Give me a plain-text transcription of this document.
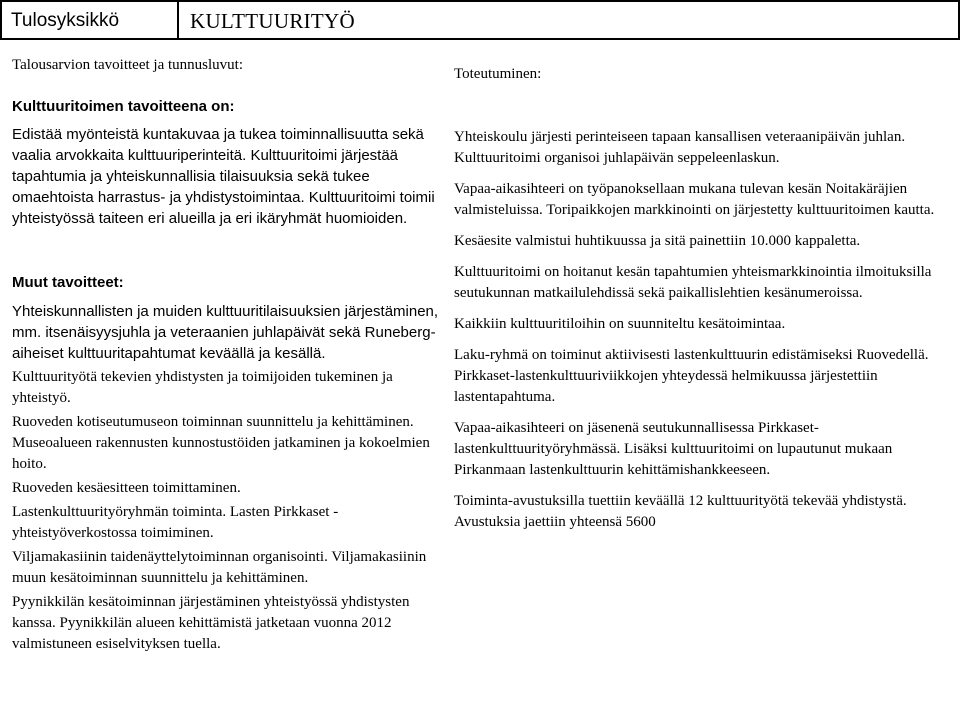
Tulosyksikkö	KULTTUURITYÖ
Talousarvion tavoitteet ja tunnusluvut:
Kulttuuritoimen tavoitteena on:
Edistää myönteistä kuntakuvaa ja tukea toiminnallisuutta sekä vaalia arvokkaita kulttuuriperinteitä. Kulttuuritoimi järjestää tapahtumia ja yhteiskunnallisia tilaisuuksia sekä tukee omaehtoista harrastus- ja yhdistystoimintaa. Kulttuuritoimi toimii yhteistyössä taiteen eri alueilla ja eri ikäryhmät huomioiden.
Muut tavoitteet:
Yhteiskunnallisten ja muiden kulttuuritilaisuuksien järjestäminen, mm. itsenäisyysjuhla ja veteraanien juhlapäivät sekä Runeberg-aiheiset kulttuuritapahtumat keväällä ja kesällä.
Kulttuurityötä tekevien yhdistysten ja toimijoiden tukeminen ja yhteistyö.
Ruoveden kotiseutumuseon toiminnan suunnittelu ja kehittäminen. Museoalueen rakennusten kunnostustöiden jatkaminen ja kokoelmien hoito.
Ruoveden kesäesitteen toimittaminen.
Lastenkulttuurityöryhmän toiminta. Lasten Pirkkaset - yhteistyöverkostossa toimiminen.
Viljamakasiinin taidenäyttelytoiminnan organisointi. Viljamakasiinin muun kesätoiminnan suunnittelu ja kehittäminen.
Pyynikkilän kesätoiminnan järjestäminen yhteistyössä yhdistysten kanssa. Pyynikkilän alueen kehittämistä jatketaan vuonna 2012 valmistuneen esiselvityksen tuella.
Toteutuminen:
Yhteiskoulu järjesti perinteiseen tapaan kansallisen veteraanipäivän juhlan. Kulttuuritoimi organisoi juhlapäivän seppeleenlaskun.
Vapaa-aikasihteeri on työpanoksellaan mukana tulevan kesän Noitakäräjien valmisteluissa. Toripaikkojen markkinointi on järjestetty kulttuuritoimen kautta.
Kesäesite valmistui huhtikuussa ja sitä painettiin 10.000 kappaletta.
Kulttuuritoimi on hoitanut kesän tapahtumien yhteismarkkinointia ilmoituksilla seutukunnan matkailulehdissä sekä paikallislehtien kesänumeroissa.
Kaikkiin kulttuuritiloihin on suunniteltu kesätoimintaa.
Laku-ryhmä on toiminut aktiivisesti lastenkulttuurin edistämiseksi Ruovedellä. Pirkkaset-lastenkulttuuriviikkojen yhteydessä helmikuussa järjestettiin lastentapahtuma.
Vapaa-aikasihteeri on jäsenenä seutukunnallisessa Pirkkaset-lastenkulttuurityöryhmässä. Lisäksi kulttuuritoimi on lupautunut mukaan Pirkanmaan lastenkulttuurin kehittämishankkeeseen.
Toiminta-avustuksilla tuettiin keväällä 12 kulttuurityötä tekevää yhdistystä. Avustuksia jaettiin yhteensä 5600
